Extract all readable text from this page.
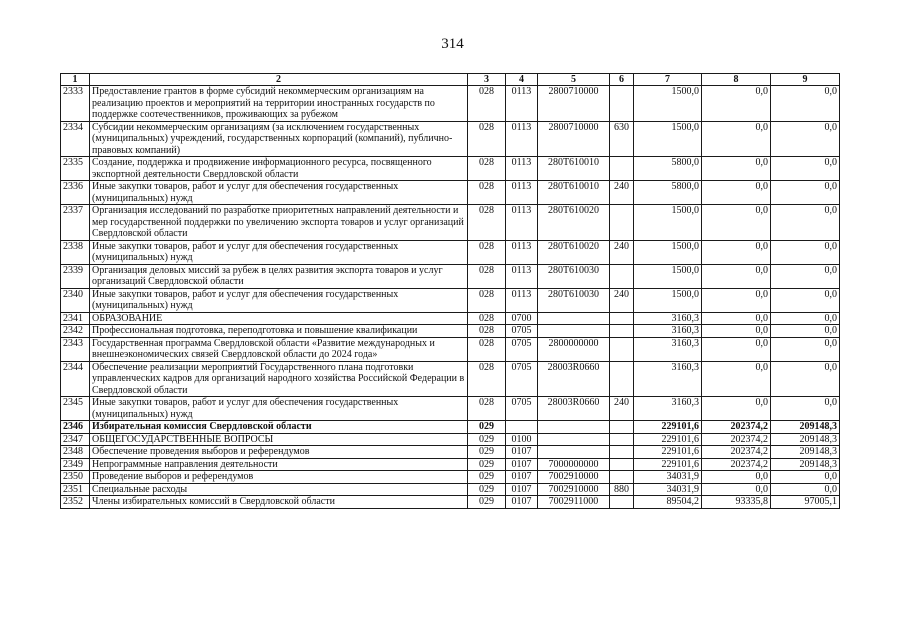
314
1	2	3	4	5	6	7	8	9
2333	Предоставление грантов в форме субсидий некоммерческим организациям на реализацию проектов и мероприятий на территории иностранных государств по поддержке соотечественников, проживающих за рубежом	028	0113	2800710000		1500,0	0,0	0,0
2334	Субсидии некоммерческим организациям (за исключением государственных (муниципальных) учреждений, государственных корпораций (компаний), публично-правовых компаний)	028	0113	2800710000	630	1500,0	0,0	0,0
2335	Создание, поддержка и продвижение информационного ресурса, посвященного экспортной деятельности Свердловской области	028	0113	280Т610010		5800,0	0,0	0,0
2336	Иные закупки товаров, работ и услуг для обеспечения государственных (муниципальных) нужд	028	0113	280Т610010	240	5800,0	0,0	0,0
2337	Организация исследований по разработке приоритетных направлений деятельности и мер государственной поддержки по увеличению экспорта товаров и услуг организаций Свердловской области	028	0113	280Т610020		1500,0	0,0	0,0
2338	Иные закупки товаров, работ и услуг для обеспечения государственных (муниципальных) нужд	028	0113	280Т610020	240	1500,0	0,0	0,0
2339	Организация деловых миссий за рубеж в целях развития экспорта товаров и услуг организаций Свердловской области	028	0113	280Т610030		1500,0	0,0	0,0
2340	Иные закупки товаров, работ и услуг для обеспечения государственных (муниципальных) нужд	028	0113	280Т610030	240	1500,0	0,0	0,0
2341	ОБРАЗОВАНИЕ	028	0700			3160,3	0,0	0,0
2342	Профессиональная подготовка, переподготовка и повышение квалификации	028	0705			3160,3	0,0	0,0
2343	Государственная программа Свердловской области «Развитие международных и внешнеэкономических связей Свердловской области до 2024 года»	028	0705	2800000000		3160,3	0,0	0,0
2344	Обеспечение реализации мероприятий Государственного плана подготовки управленческих кадров для организаций народного хозяйства Российской Федерации в Свердловской области	028	0705	28003R0660		3160,3	0,0	0,0
2345	Иные закупки товаров, работ и услуг для обеспечения государственных (муниципальных) нужд	028	0705	28003R0660	240	3160,3	0,0	0,0
2346	Избирательная комиссия Свердловской области	029				229101,6	202374,2	209148,3
2347	ОБЩЕГОСУДАРСТВЕННЫЕ ВОПРОСЫ	029	0100			229101,6	202374,2	209148,3
2348	Обеспечение проведения выборов и референдумов	029	0107			229101,6	202374,2	209148,3
2349	Непрограммные направления деятельности	029	0107	7000000000		229101,6	202374,2	209148,3
2350	Проведение выборов и референдумов	029	0107	7002910000		34031,9	0,0	0,0
2351	Специальные расходы	029	0107	7002910000	880	34031,9	0,0	0,0
2352	Члены избирательных комиссий в Свердловской области	029	0107	7002911000		89504,2	93335,8	97005,1
